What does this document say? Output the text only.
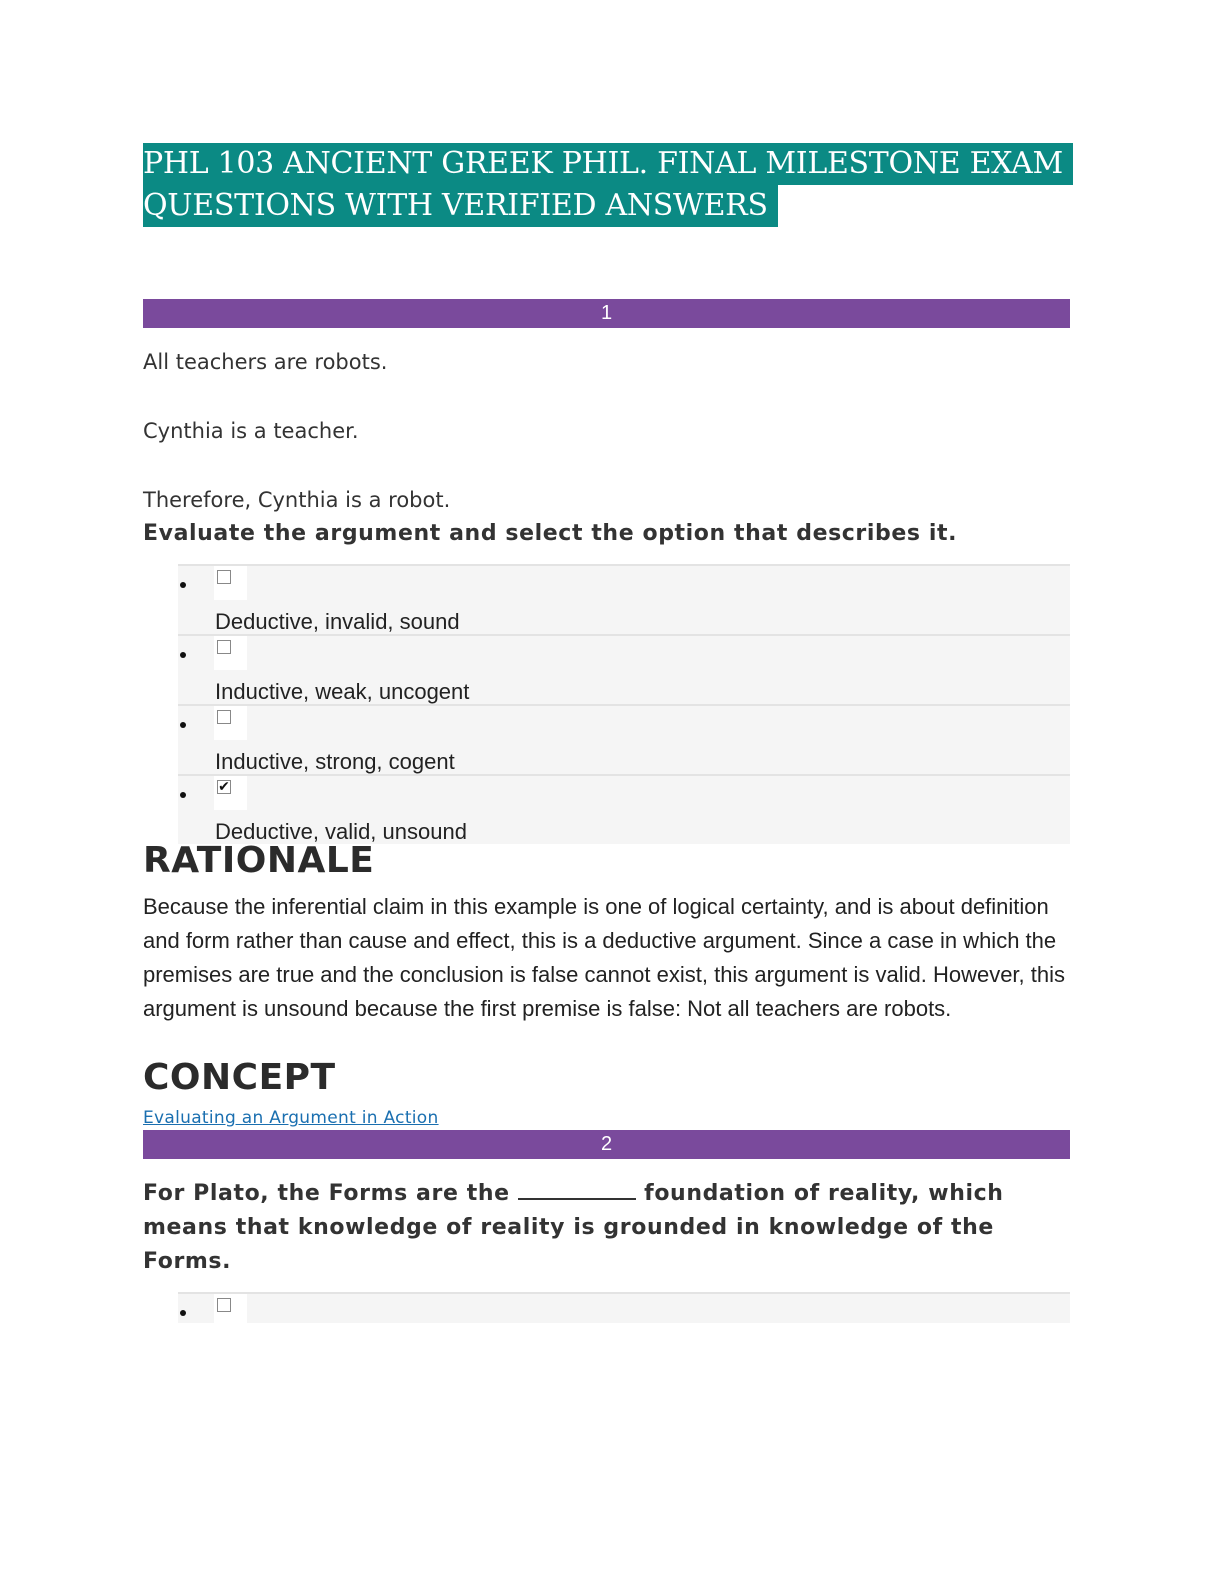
PHL 103 ANCIENT GREEK PHIL. FINAL MILESTONE EXAM
QUESTIONS WITH VERIFIED ANSWERS
1

All teachers are robots.

Cynthia is a teacher.

Therefore, Cynthia is a robot.

Evaluate the argument and select the option that describes it.

Deductive, invalid, sound
Inductive, weak, uncogent
Inductive, strong, cogent
✔
Deductive, valid, unsound
RATIONALE

Because the inferential claim in this example is one of logical certainty, and is about definition and form rather than cause and effect, this is a deductive argument. Since a case in which the premises are true and the conclusion is false cannot exist, this argument is valid. However, this argument is unsound because the first premise is false: Not all teachers are robots.

CONCEPT
Evaluating an Argument in Action
2

For Plato, the Forms are the	foundation of reality, which means that knowledge of reality is grounded in knowledge of the Forms.
